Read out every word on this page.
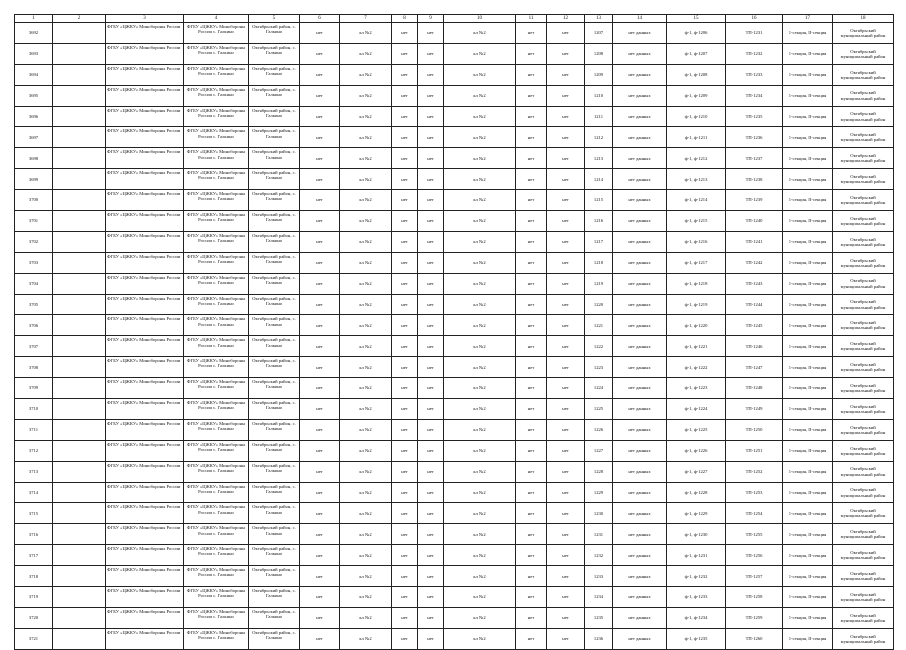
1	2	3	4	5	6	7	8	9	10	11	12	13	14	15	16	17	18
3692		ФГБУ «ЦЖКУ» Минобороны России	ФГБУ «ЦЖКУ» Минобороны России с. Галкино	Октябрьский район, с. Галкино	нет	кл №2	нет	нет	кл №2	нет	нет	1207	нет данных	ф-1, ф-1206	ТП-1231	1-секция, II-секция	Октябрьский муниципальный район
3693		ФГБУ «ЦЖКУ» Минобороны России	ФГБУ «ЦЖКУ» Минобороны России с. Галкино	Октябрьский район, с. Галкино	нет	кл №2	нет	нет	кл №2	нет	нет	1208	нет данных	ф-1, ф-1207	ТП-1232	1-секция, II-секция	Октябрьский муниципальный район
3694		ФГБУ «ЦЖКУ» Минобороны России	ФГБУ «ЦЖКУ» Минобороны России с. Галкино	Октябрьский район, с. Галкино	нет	кл №2	нет	нет	кл №2	нет	нет	1209	нет данных	ф-1, ф-1208	ТП-1233	1-секция, II-секция	Октябрьский муниципальный район
3695		ФГБУ «ЦЖКУ» Минобороны России	ФГБУ «ЦЖКУ» Минобороны России с. Галкино	Октябрьский район, с. Галкино	нет	кл №2	нет	нет	кл №2	нет	нет	1210	нет данных	ф-1, ф-1209	ТП-1234	1-секция, II-секция	Октябрьский муниципальный район
3696		ФГБУ «ЦЖКУ» Минобороны России	ФГБУ «ЦЖКУ» Минобороны России с. Галкино	Октябрьский район, с. Галкино	нет	кл №2	нет	нет	кл №2	нет	нет	1211	нет данных	ф-1, ф-1210	ТП-1235	1-секция, II-секция	Октябрьский муниципальный район
3697		ФГБУ «ЦЖКУ» Минобороны России	ФГБУ «ЦЖКУ» Минобороны России с. Галкино	Октябрьский район, с. Галкино	нет	кл №2	нет	нет	кл №2	нет	нет	1212	нет данных	ф-1, ф-1211	ТП-1236	1-секция, II-секция	Октябрьский муниципальный район
3698		ФГБУ «ЦЖКУ» Минобороны России	ФГБУ «ЦЖКУ» Минобороны России с. Галкино	Октябрьский район, с. Галкино	нет	кл №2	нет	нет	кл №2	нет	нет	1213	нет данных	ф-1, ф-1212	ТП-1237	1-секция, II-секция	Октябрьский муниципальный район
3699		ФГБУ «ЦЖКУ» Минобороны России	ФГБУ «ЦЖКУ» Минобороны России с. Галкино	Октябрьский район, с. Галкино	нет	кл №2	нет	нет	кл №2	нет	нет	1214	нет данных	ф-1, ф-1213	ТП-1238	1-секция, II-секция	Октябрьский муниципальный район
3700		ФГБУ «ЦЖКУ» Минобороны России	ФГБУ «ЦЖКУ» Минобороны России с. Галкино	Октябрьский район, с. Галкино	нет	кл №2	нет	нет	кл №2	нет	нет	1215	нет данных	ф-1, ф-1214	ТП-1239	1-секция, II-секция	Октябрьский муниципальный район
3701		ФГБУ «ЦЖКУ» Минобороны России	ФГБУ «ЦЖКУ» Минобороны России с. Галкино	Октябрьский район, с. Галкино	нет	кл №2	нет	нет	кл №2	нет	нет	1216	нет данных	ф-1, ф-1215	ТП-1240	1-секция, II-секция	Октябрьский муниципальный район
3702		ФГБУ «ЦЖКУ» Минобороны России	ФГБУ «ЦЖКУ» Минобороны России с. Галкино	Октябрьский район, с. Галкино	нет	кл №2	нет	нет	кл №2	нет	нет	1217	нет данных	ф-1, ф-1216	ТП-1241	1-секция, II-секция	Октябрьский муниципальный район
3703		ФГБУ «ЦЖКУ» Минобороны России	ФГБУ «ЦЖКУ» Минобороны России с. Галкино	Октябрьский район, с. Галкино	нет	кл №2	нет	нет	кл №2	нет	нет	1218	нет данных	ф-1, ф-1217	ТП-1242	1-секция, II-секция	Октябрьский муниципальный район
3704		ФГБУ «ЦЖКУ» Минобороны России	ФГБУ «ЦЖКУ» Минобороны России с. Галкино	Октябрьский район, с. Галкино	нет	кл №2	нет	нет	кл №2	нет	нет	1219	нет данных	ф-1, ф-1218	ТП-1243	1-секция, II-секция	Октябрьский муниципальный район
3705		ФГБУ «ЦЖКУ» Минобороны России	ФГБУ «ЦЖКУ» Минобороны России с. Галкино	Октябрьский район, с. Галкино	нет	кл №2	нет	нет	кл №2	нет	нет	1220	нет данных	ф-1, ф-1219	ТП-1244	1-секция, II-секция	Октябрьский муниципальный район
3706		ФГБУ «ЦЖКУ» Минобороны России	ФГБУ «ЦЖКУ» Минобороны России с. Галкино	Октябрьский район, с. Галкино	нет	кл №2	нет	нет	кл №2	нет	нет	1221	нет данных	ф-1, ф-1220	ТП-1245	1-секция, II-секция	Октябрьский муниципальный район
3707		ФГБУ «ЦЖКУ» Минобороны России	ФГБУ «ЦЖКУ» Минобороны России с. Галкино	Октябрьский район, с. Галкино	нет	кл №2	нет	нет	кл №2	нет	нет	1222	нет данных	ф-1, ф-1221	ТП-1246	1-секция, II-секция	Октябрьский муниципальный район
3708		ФГБУ «ЦЖКУ» Минобороны России	ФГБУ «ЦЖКУ» Минобороны России с. Галкино	Октябрьский район, с. Галкино	нет	кл №2	нет	нет	кл №2	нет	нет	1223	нет данных	ф-1, ф-1222	ТП-1247	1-секция, II-секция	Октябрьский муниципальный район
3709		ФГБУ «ЦЖКУ» Минобороны России	ФГБУ «ЦЖКУ» Минобороны России с. Галкино	Октябрьский район, с. Галкино	нет	кл №2	нет	нет	кл №2	нет	нет	1224	нет данных	ф-1, ф-1223	ТП-1248	1-секция, II-секция	Октябрьский муниципальный район
3710		ФГБУ «ЦЖКУ» Минобороны России	ФГБУ «ЦЖКУ» Минобороны России с. Галкино	Октябрьский район, с. Галкино	нет	кл №2	нет	нет	кл №2	нет	нет	1225	нет данных	ф-1, ф-1224	ТП-1249	1-секция, II-секция	Октябрьский муниципальный район
3711		ФГБУ «ЦЖКУ» Минобороны России	ФГБУ «ЦЖКУ» Минобороны России с. Галкино	Октябрьский район, с. Галкино	нет	кл №2	нет	нет	кл №2	нет	нет	1226	нет данных	ф-1, ф-1225	ТП-1250	1-секция, II-секция	Октябрьский муниципальный район
3712		ФГБУ «ЦЖКУ» Минобороны России	ФГБУ «ЦЖКУ» Минобороны России с. Галкино	Октябрьский район, с. Галкино	нет	кл №2	нет	нет	кл №2	нет	нет	1227	нет данных	ф-1, ф-1226	ТП-1251	1-секция, II-секция	Октябрьский муниципальный район
3713		ФГБУ «ЦЖКУ» Минобороны России	ФГБУ «ЦЖКУ» Минобороны России с. Галкино	Октябрьский район, с. Галкино	нет	кл №2	нет	нет	кл №2	нет	нет	1228	нет данных	ф-1, ф-1227	ТП-1252	1-секция, II-секция	Октябрьский муниципальный район
3714		ФГБУ «ЦЖКУ» Минобороны России	ФГБУ «ЦЖКУ» Минобороны России с. Галкино	Октябрьский район, с. Галкино	нет	кл №2	нет	нет	кл №2	нет	нет	1229	нет данных	ф-1, ф-1228	ТП-1253	1-секция, II-секция	Октябрьский муниципальный район
3715		ФГБУ «ЦЖКУ» Минобороны России	ФГБУ «ЦЖКУ» Минобороны России с. Галкино	Октябрьский район, с. Галкино	нет	кл №2	нет	нет	кл №2	нет	нет	1230	нет данных	ф-1, ф-1229	ТП-1254	1-секция, II-секция	Октябрьский муниципальный район
3716		ФГБУ «ЦЖКУ» Минобороны России	ФГБУ «ЦЖКУ» Минобороны России с. Галкино	Октябрьский район, с. Галкино	нет	кл №2	нет	нет	кл №2	нет	нет	1231	нет данных	ф-1, ф-1230	ТП-1255	1-секция, II-секция	Октябрьский муниципальный район
3717		ФГБУ «ЦЖКУ» Минобороны России	ФГБУ «ЦЖКУ» Минобороны России с. Галкино	Октябрьский район, с. Галкино	нет	кл №2	нет	нет	кл №2	нет	нет	1232	нет данных	ф-1, ф-1231	ТП-1256	1-секция, II-секция	Октябрьский муниципальный район
3718		ФГБУ «ЦЖКУ» Минобороны России	ФГБУ «ЦЖКУ» Минобороны России с. Галкино	Октябрьский район, с. Галкино	нет	кл №2	нет	нет	кл №2	нет	нет	1233	нет данных	ф-1, ф-1232	ТП-1257	1-секция, II-секция	Октябрьский муниципальный район
3719		ФГБУ «ЦЖКУ» Минобороны России	ФГБУ «ЦЖКУ» Минобороны России с. Галкино	Октябрьский район, с. Галкино	нет	кл №2	нет	нет	кл №2	нет	нет	1234	нет данных	ф-1, ф-1233	ТП-1258	1-секция, II-секция	Октябрьский муниципальный район
3720		ФГБУ «ЦЖКУ» Минобороны России	ФГБУ «ЦЖКУ» Минобороны России с. Галкино	Октябрьский район, с. Галкино	нет	кл №2	нет	нет	кл №2	нет	нет	1235	нет данных	ф-1, ф-1234	ТП-1259	1-секция, II-секция	Октябрьский муниципальный район
3721		ФГБУ «ЦЖКУ» Минобороны России	ФГБУ «ЦЖКУ» Минобороны России с. Галкино	Октябрьский район, с. Галкино	нет	кл №2	нет	нет	кл №2	нет	нет	1236	нет данных	ф-1, ф-1235	ТП-1260	1-секция, II-секция	Октябрьский муниципальный район
